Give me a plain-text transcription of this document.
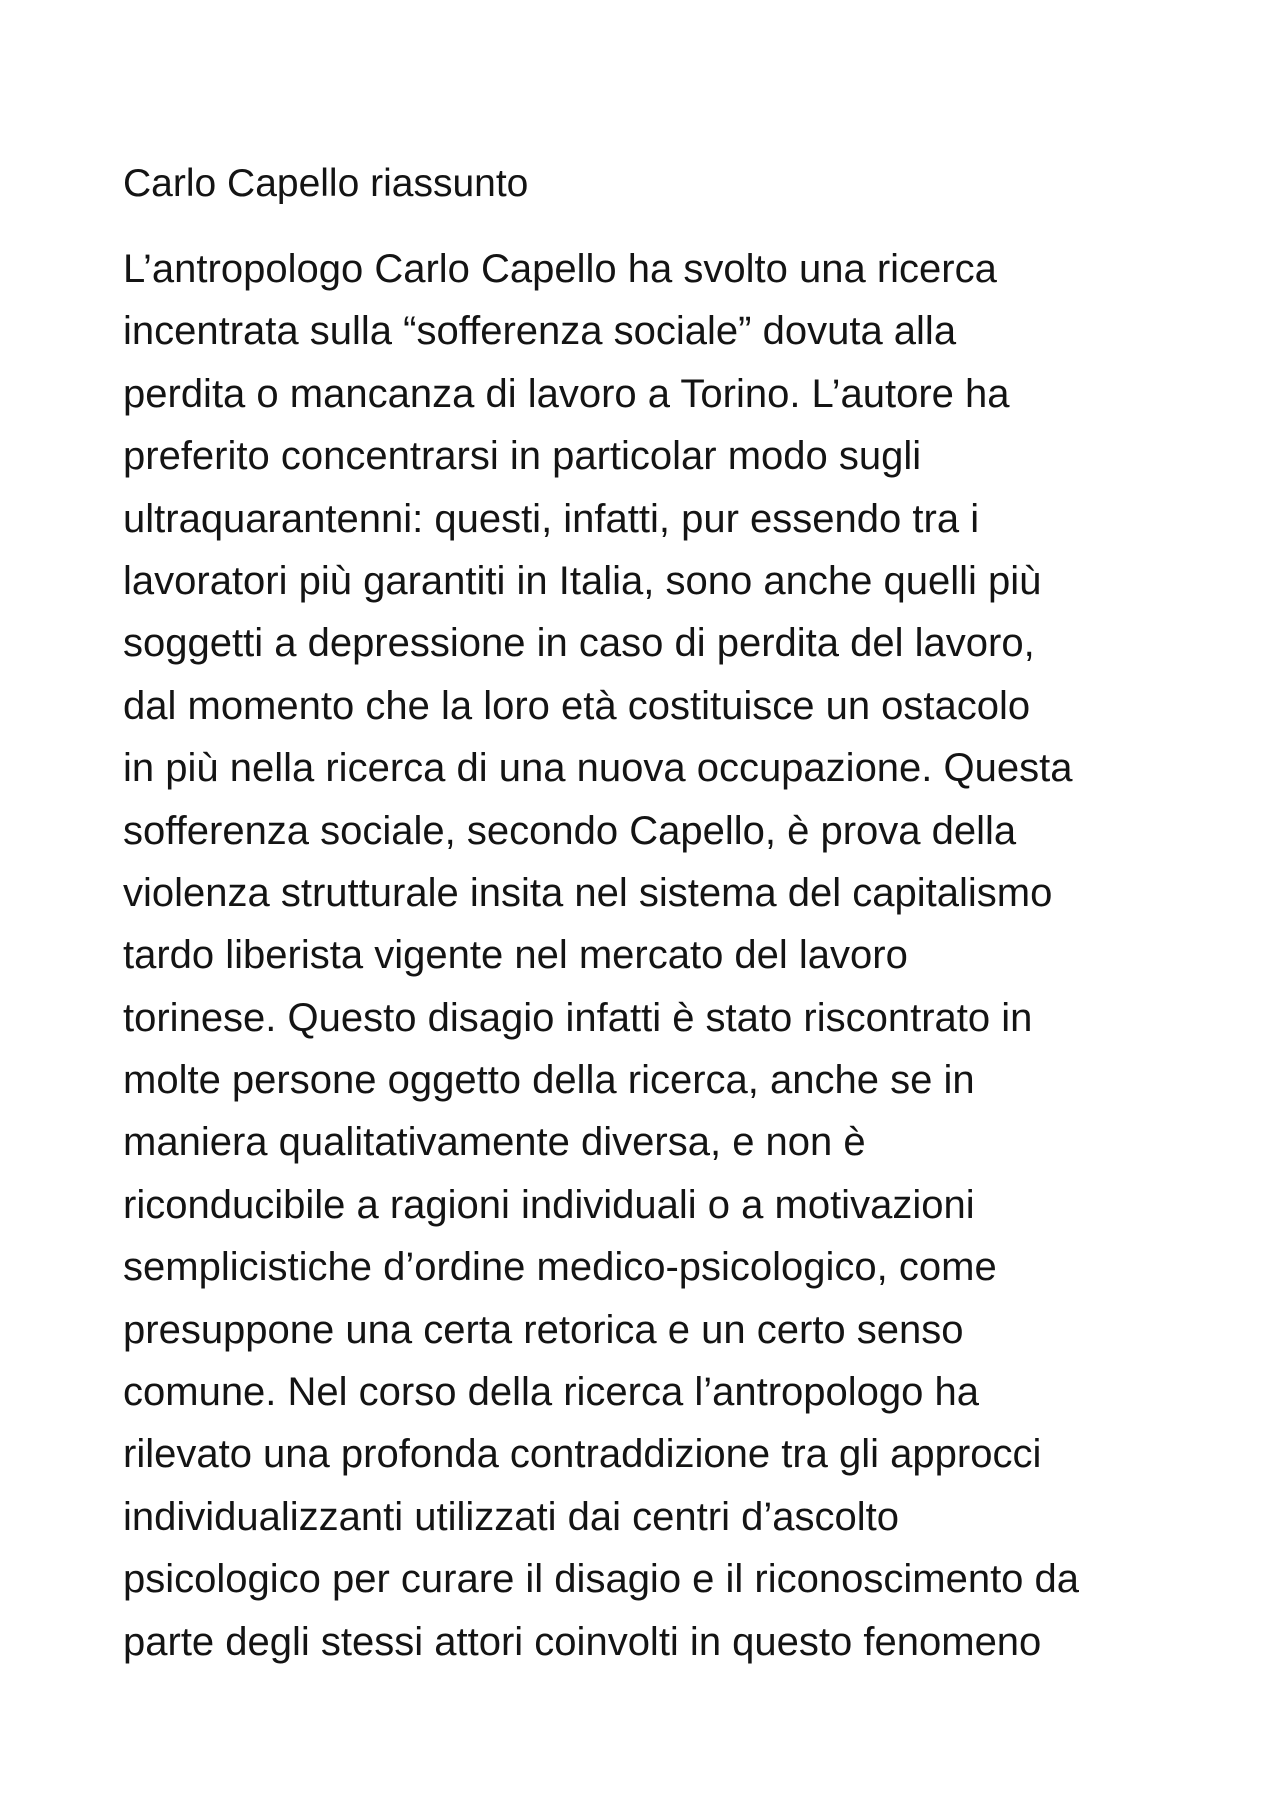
Carlo Capello riassunto
L’antropologo Carlo Capello ha svolto una ricerca
incentrata sulla “sofferenza sociale” dovuta alla
perdita o mancanza di lavoro a Torino. L’autore ha
preferito concentrarsi in particolar modo sugli
ultraquarantenni: questi, infatti, pur essendo tra i
lavoratori più garantiti in Italia, sono anche quelli più
soggetti a depressione in caso di perdita del lavoro,
dal momento che la loro età costituisce un ostacolo
in più nella ricerca di una nuova occupazione. Questa
sofferenza sociale, secondo Capello, è prova della
violenza strutturale insita nel sistema del capitalismo
tardo liberista vigente nel mercato del lavoro
torinese. Questo disagio infatti è stato riscontrato in
molte persone oggetto della ricerca, anche se in
maniera qualitativamente diversa, e non è
riconducibile a ragioni individuali o a motivazioni
semplicistiche d’ordine medico-psicologico, come
presuppone una certa retorica e un certo senso
comune. Nel corso della ricerca l’antropologo ha
rilevato una profonda contraddizione tra gli approcci
individualizzanti utilizzati dai centri d’ascolto
psicologico per curare il disagio e il riconoscimento da
parte degli stessi attori coinvolti in questo fenomeno
